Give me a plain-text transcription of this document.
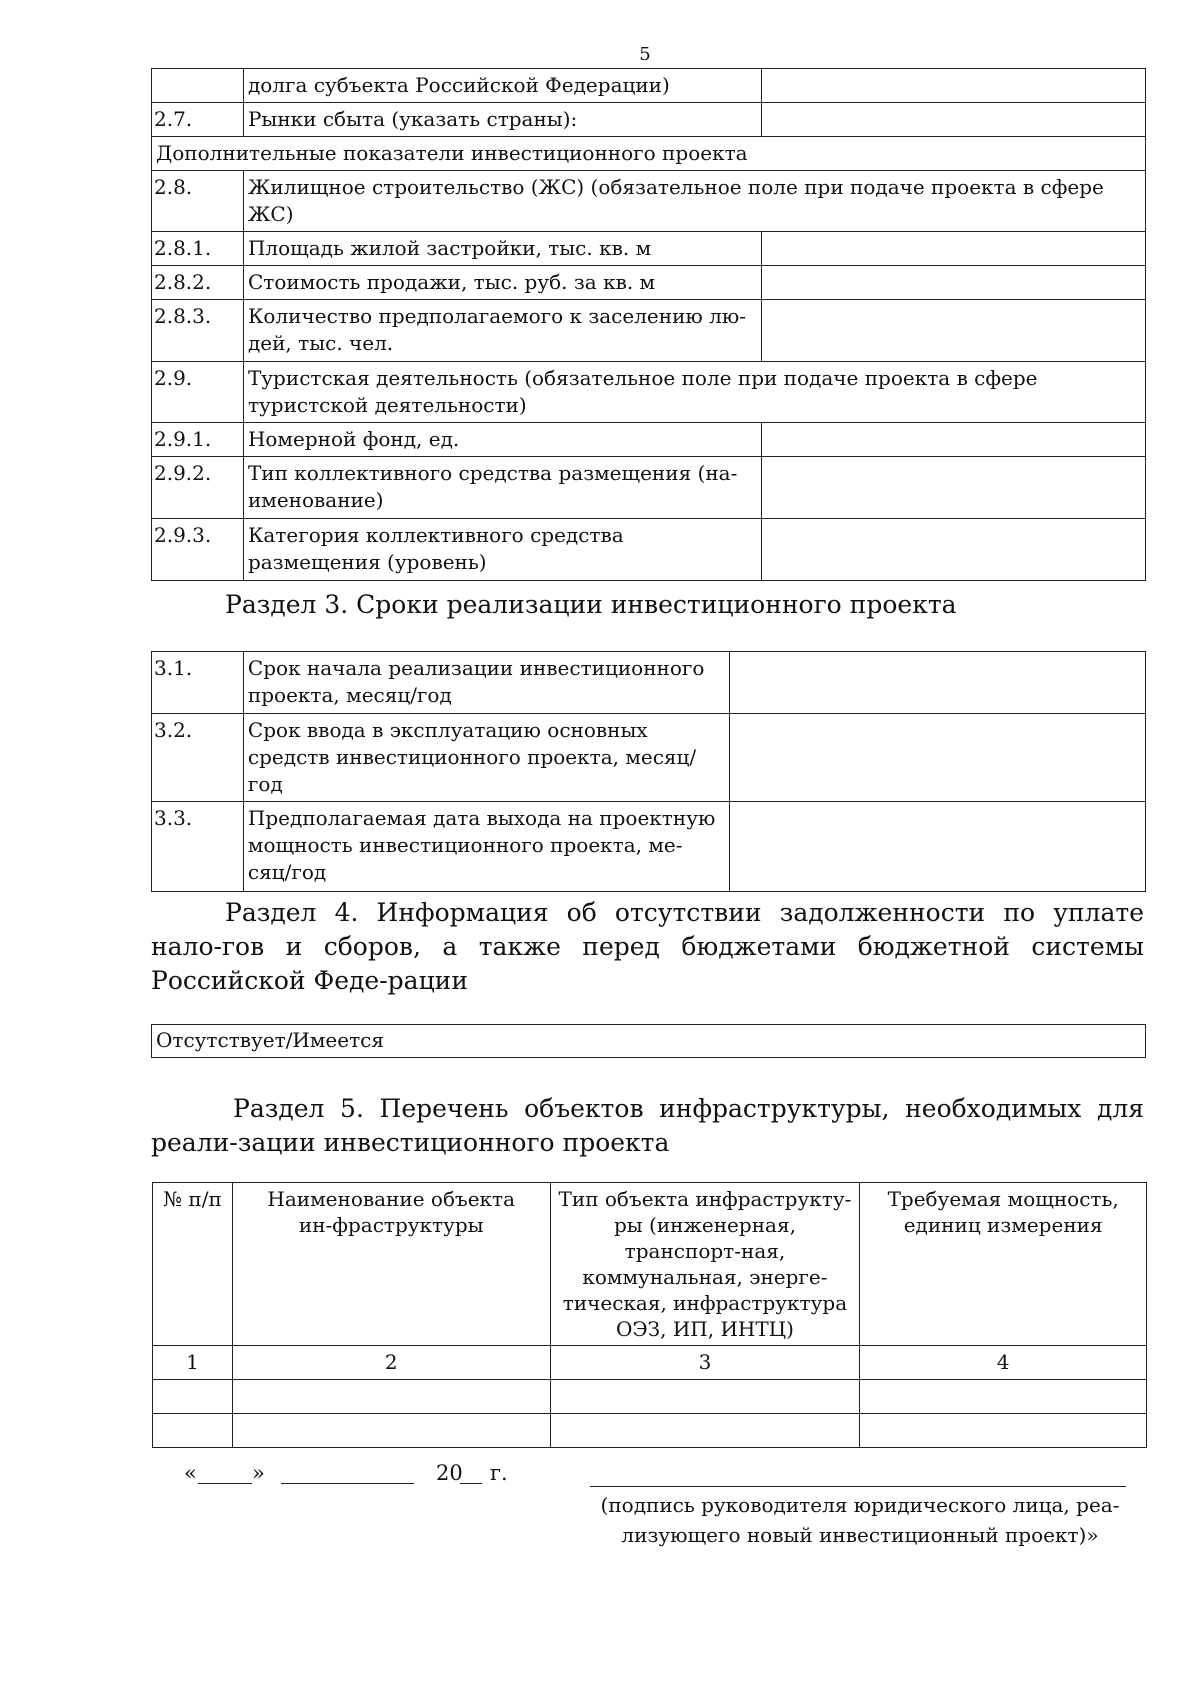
5
	долга субъекта Российской Федерации)	
2.7.	Рынки сбыта (указать страны):	
Дополнительные показатели инвестиционного проекта		
2.8.	Жилищное строительство (ЖС) (обязательное поле при подаче проекта в сфере ЖС)	
2.8.1.	Площадь жилой застройки, тыс. кв. м	
2.8.2.	Стоимость продажи, тыс. руб. за кв. м	
2.8.3.	Количество предполагаемого к заселению лю-дей, тыс. чел.	
2.9.	Туристская деятельность (обязательное поле при подаче проекта в сфере туристской деятельности)	
2.9.1.	Номерной фонд, ед.	
2.9.2.	Тип коллективного средства размещения (на-именование)	
2.9.3.	Категория коллективного средства размещения (уровень)	
Раздел 3. Сроки реализации инвестиционного проекта
3.1.	Срок начала реализации инвестиционного проекта, месяц/год	
3.2.	Срок ввода в эксплуатацию основных средств инвестиционного проекта, месяц/год	
3.3.	Предполагаемая дата выхода на проектную мощность инвестиционного проекта, ме-сяц/год	
Раздел 4. Информация об отсутствии задолженности по уплате нало-гов и сборов, а также перед бюджетами бюджетной системы Российской Феде-рации
Отсутствует/Имеется
Раздел 5. Перечень объектов инфраструктуры, необходимых для реали-зации инвестиционного проекта
№ п/п	Наименование объекта ин-фраструктуры	Тип объекта инфраструкту-ры (инженерная, транспорт-ная, коммунальная, энерге-тическая, инфраструктура ОЭЗ, ИП, ИНТЦ)	Требуемая мощность, единиц измерения
1	2	3	4

«	»	20 г.
(подпись руководителя юридического лица, реа-лизующего новый инвестиционный проект)»
